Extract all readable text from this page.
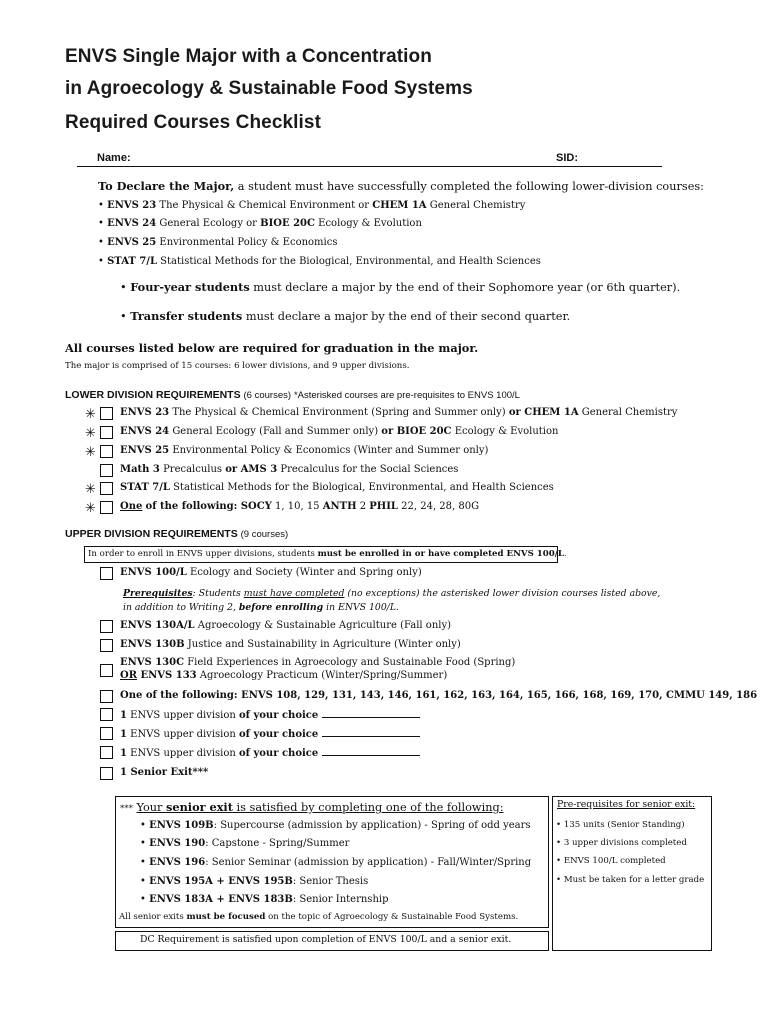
ENVS Single Major with a Concentration
in Agroecology & Sustainable Food Systems
Required Courses Checklist
Name:	SID:
To Declare the Major, a student must have successfully completed the following lower-division courses:
• ENVS 23 The Physical & Chemical Environment or CHEM 1A General Chemistry
• ENVS 24 General Ecology or BIOE 20C Ecology & Evolution
• ENVS 25 Environmental Policy & Economics
• STAT 7/L Statistical Methods for the Biological, Environmental, and Health Sciences
• Four-year students must declare a major by the end of their Sophomore year (or 6th quarter).
• Transfer students must declare a major by the end of their second quarter.
All courses listed below are required for graduation in the major.
The major is comprised of 15 courses: 6 lower divisions, and 9 upper divisions.
LOWER DIVISION REQUIREMENTS (6 courses) *Asterisked courses are pre-requisites to ENVS 100/L
✳ ENVS 23 The Physical & Chemical Environment (Spring and Summer only) or CHEM 1A General Chemistry
✳ ENVS 24 General Ecology (Fall and Summer only) or BIOE 20C Ecology & Evolution
✳ ENVS 25 Environmental Policy & Economics (Winter and Summer only)
Math 3 Precalculus or AMS 3 Precalculus for the Social Sciences
✳ STAT 7/L Statistical Methods for the Biological, Environmental, and Health Sciences
✳ One of the following: SOCY 1, 10, 15 ANTH 2 PHIL 22, 24, 28, 80G
UPPER DIVISION REQUIREMENTS (9 courses)
In order to enroll in ENVS upper divisions, students must be enrolled in or have completed ENVS 100/L.
ENVS 100/L Ecology and Society (Winter and Spring only)
Prerequisites: Students must have completed (no exceptions) the asterisked lower division courses listed above,
in addition to Writing 2, before enrolling in ENVS 100/L.
ENVS 130A/L Agroecology & Sustainable Agriculture (Fall only)
ENVS 130B Justice and Sustainability in Agriculture (Winter only)
ENVS 130C Field Experiences in Agroecology and Sustainable Food (Spring)
OR ENVS 133 Agroecology Practicum (Winter/Spring/Summer)
One of the following: ENVS 108, 129, 131, 143, 146, 161, 162, 163, 164, 165, 166, 168, 169, 170, CMMU 149, 186
1 ENVS upper division of your choice
1 ENVS upper division of your choice
1 ENVS upper division of your choice
1 Senior Exit***
*** Your senior exit is satisfied by completing one of the following:
• ENVS 109B: Supercourse (admission by application) - Spring of odd years
• ENVS 190: Capstone - Spring/Summer
• ENVS 196: Senior Seminar (admission by application) - Fall/Winter/Spring
• ENVS 195A + ENVS 195B: Senior Thesis
• ENVS 183A + ENVS 183B: Senior Internship
All senior exits must be focused on the topic of Agroecology & Sustainable Food Systems.
DC Requirement is satisfied upon completion of ENVS 100/L and a senior exit.
Pre-requisites for senior exit:
• 135 units (Senior Standing)
• 3 upper divisions completed
• ENVS 100/L completed
• Must be taken for a letter grade
